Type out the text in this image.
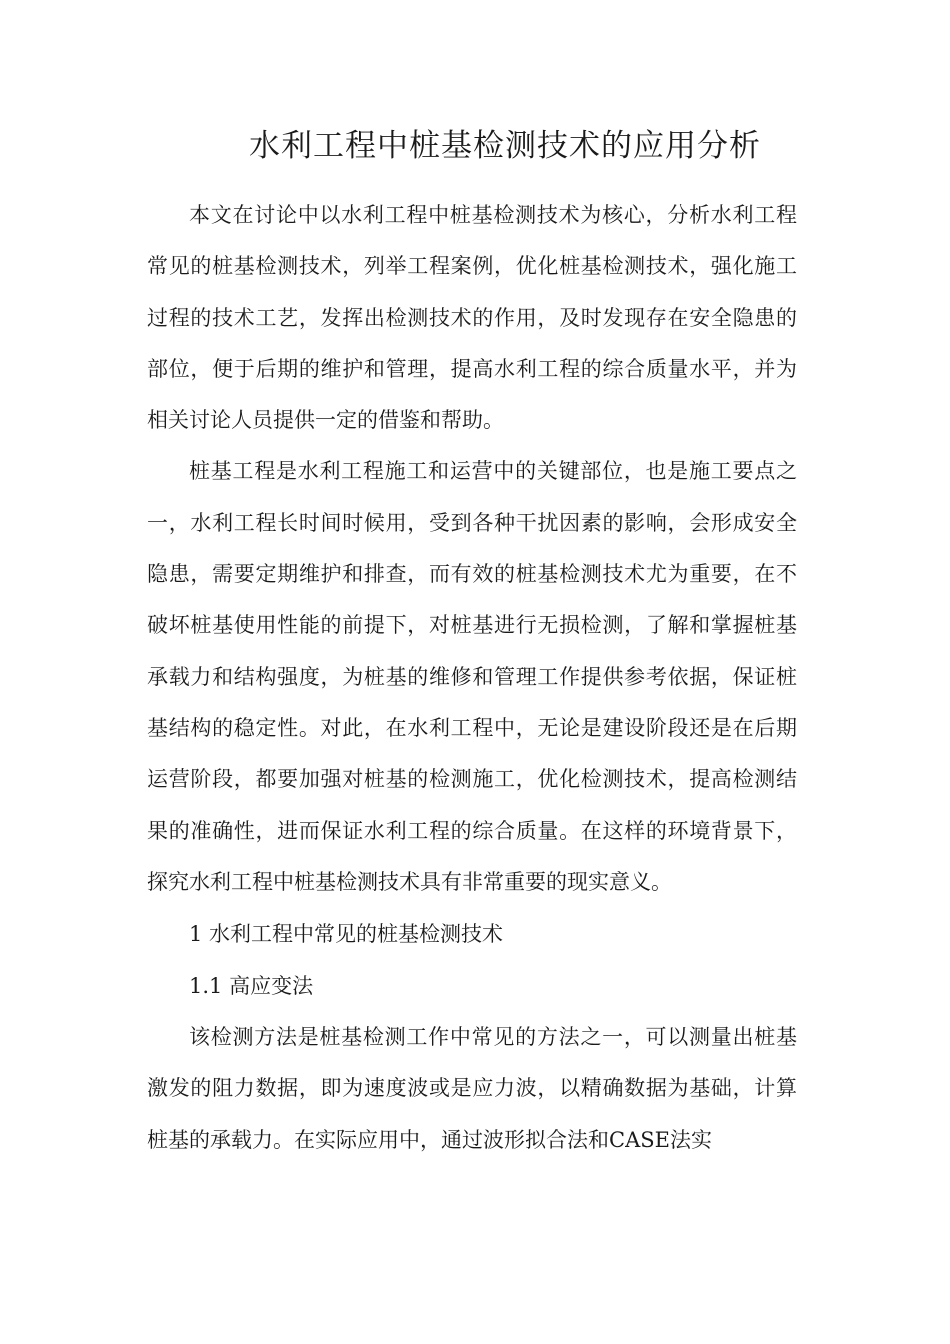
水利工程中桩基检测技术的应用分析

本文在讨论中以水利工程中桩基检测技术为核心，分析水利工程常见的桩基检测技术，列举工程案例，优化桩基检测技术，强化施工过程的技术工艺，发挥出检测技术的作用，及时发现存在安全隐患的部位，便于后期的维护和管理，提高水利工程的综合质量水平，并为相关讨论人员提供一定的借鉴和帮助。

桩基工程是水利工程施工和运营中的关键部位，也是施工要点之一，水利工程长时间时候用，受到各种干扰因素的影响，会形成安全隐患，需要定期维护和排查，而有效的桩基检测技术尤为重要，在不破坏桩基使用性能的前提下，对桩基进行无损检测，了解和掌握桩基承载力和结构强度，为桩基的维修和管理工作提供参考依据，保证桩基结构的稳定性。对此，在水利工程中，无论是建设阶段还是在后期运营阶段，都要加强对桩基的检测施工，优化检测技术，提高检测结果的准确性，进而保证水利工程的综合质量。在这样的环境背景下，探究水利工程中桩基检测技术具有非常重要的现实意义。

1 水利工程中常见的桩基检测技术

1.1 高应变法

该检测方法是桩基检测工作中常见的方法之一，可以测量出桩基激发的阻力数据，即为速度波或是应力波，以精确数据为基础，计算桩基的承载力。在实际应用中，通过波形拟合法和CASE法实
